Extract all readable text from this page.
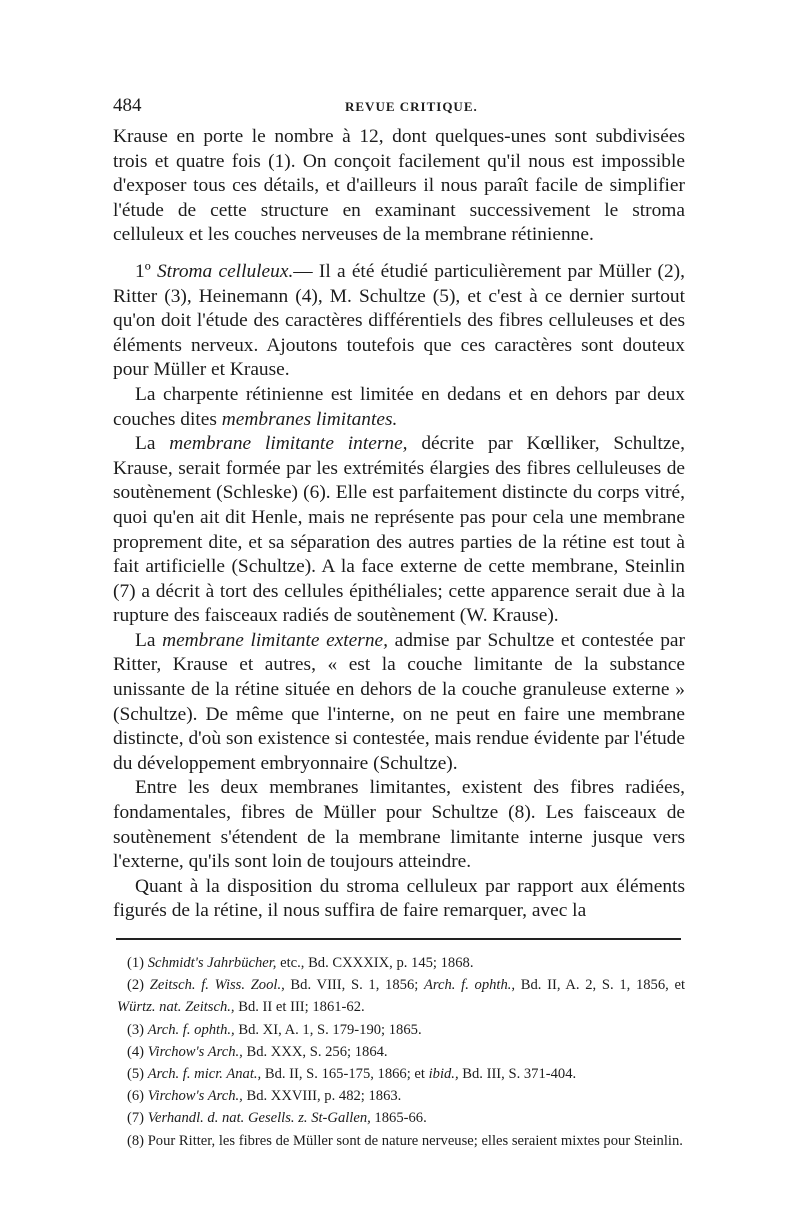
484	REVUE CRITIQUE.

Krause en porte le nombre à 12, dont quelques-unes sont subdivisées trois et quatre fois (1). On conçoit facilement qu'il nous est impossible d'exposer tous ces détails, et d'ailleurs il nous paraît facile de simplifier l'étude de cette structure en examinant successivement le stroma celluleux et les couches nerveuses de la membrane rétinienne.

1º Stroma celluleux.— Il a été étudié particulièrement par Müller (2), Ritter (3), Heinemann (4), M. Schultze (5), et c'est à ce dernier surtout qu'on doit l'étude des caractères différentiels des fibres celluleuses et des éléments nerveux. Ajoutons toutefois que ces caractères sont douteux pour Müller et Krause.

La charpente rétinienne est limitée en dedans et en dehors par deux couches dites membranes limitantes.

La membrane limitante interne, décrite par Kœlliker, Schultze, Krause, serait formée par les extrémités élargies des fibres celluleuses de soutènement (Schleske) (6). Elle est parfaitement distincte du corps vitré, quoi qu'en ait dit Henle, mais ne représente pas pour cela une membrane proprement dite, et sa séparation des autres parties de la rétine est tout à fait artificielle (Schultze). A la face externe de cette membrane, Steinlin (7) a décrit à tort des cellules épithéliales; cette apparence serait due à la rupture des faisceaux radiés de soutènement (W. Krause).

La membrane limitante externe, admise par Schultze et contestée par Ritter, Krause et autres, « est la couche limitante de la substance unissante de la rétine située en dehors de la couche granuleuse externe » (Schultze). De même que l'interne, on ne peut en faire une membrane distincte, d'où son existence si contestée, mais rendue évidente par l'étude du développement embryonnaire (Schultze).

Entre les deux membranes limitantes, existent des fibres radiées, fondamentales, fibres de Müller pour Schultze (8). Les faisceaux de soutènement s'étendent de la membrane limitante interne jusque vers l'externe, qu'ils sont loin de toujours atteindre.

Quant à la disposition du stroma celluleux par rapport aux éléments figurés de la rétine, il nous suffira de faire remarquer, avec la

(1) Schmidt's Jahrbücher, etc., Bd. CXXXIX, p. 145; 1868.
(2) Zeitsch. f. Wiss. Zool., Bd. VIII, S. 1, 1856; Arch. f. ophth., Bd. II, A. 2, S. 1, 1856, et Würtz. nat. Zeitsch., Bd. II et III; 1861-62.
(3) Arch. f. ophth., Bd. XI, A. 1, S. 179-190; 1865.
(4) Virchow's Arch., Bd. XXX, S. 256; 1864.
(5) Arch. f. micr. Anat., Bd. II, S. 165-175, 1866; et ibid., Bd. III, S. 371-404.
(6) Virchow's Arch., Bd. XXVIII, p. 482; 1863.
(7) Verhandl. d. nat. Gesells. z. St-Gallen, 1865-66.
(8) Pour Ritter, les fibres de Müller sont de nature nerveuse; elles seraient mixtes pour Steinlin.
